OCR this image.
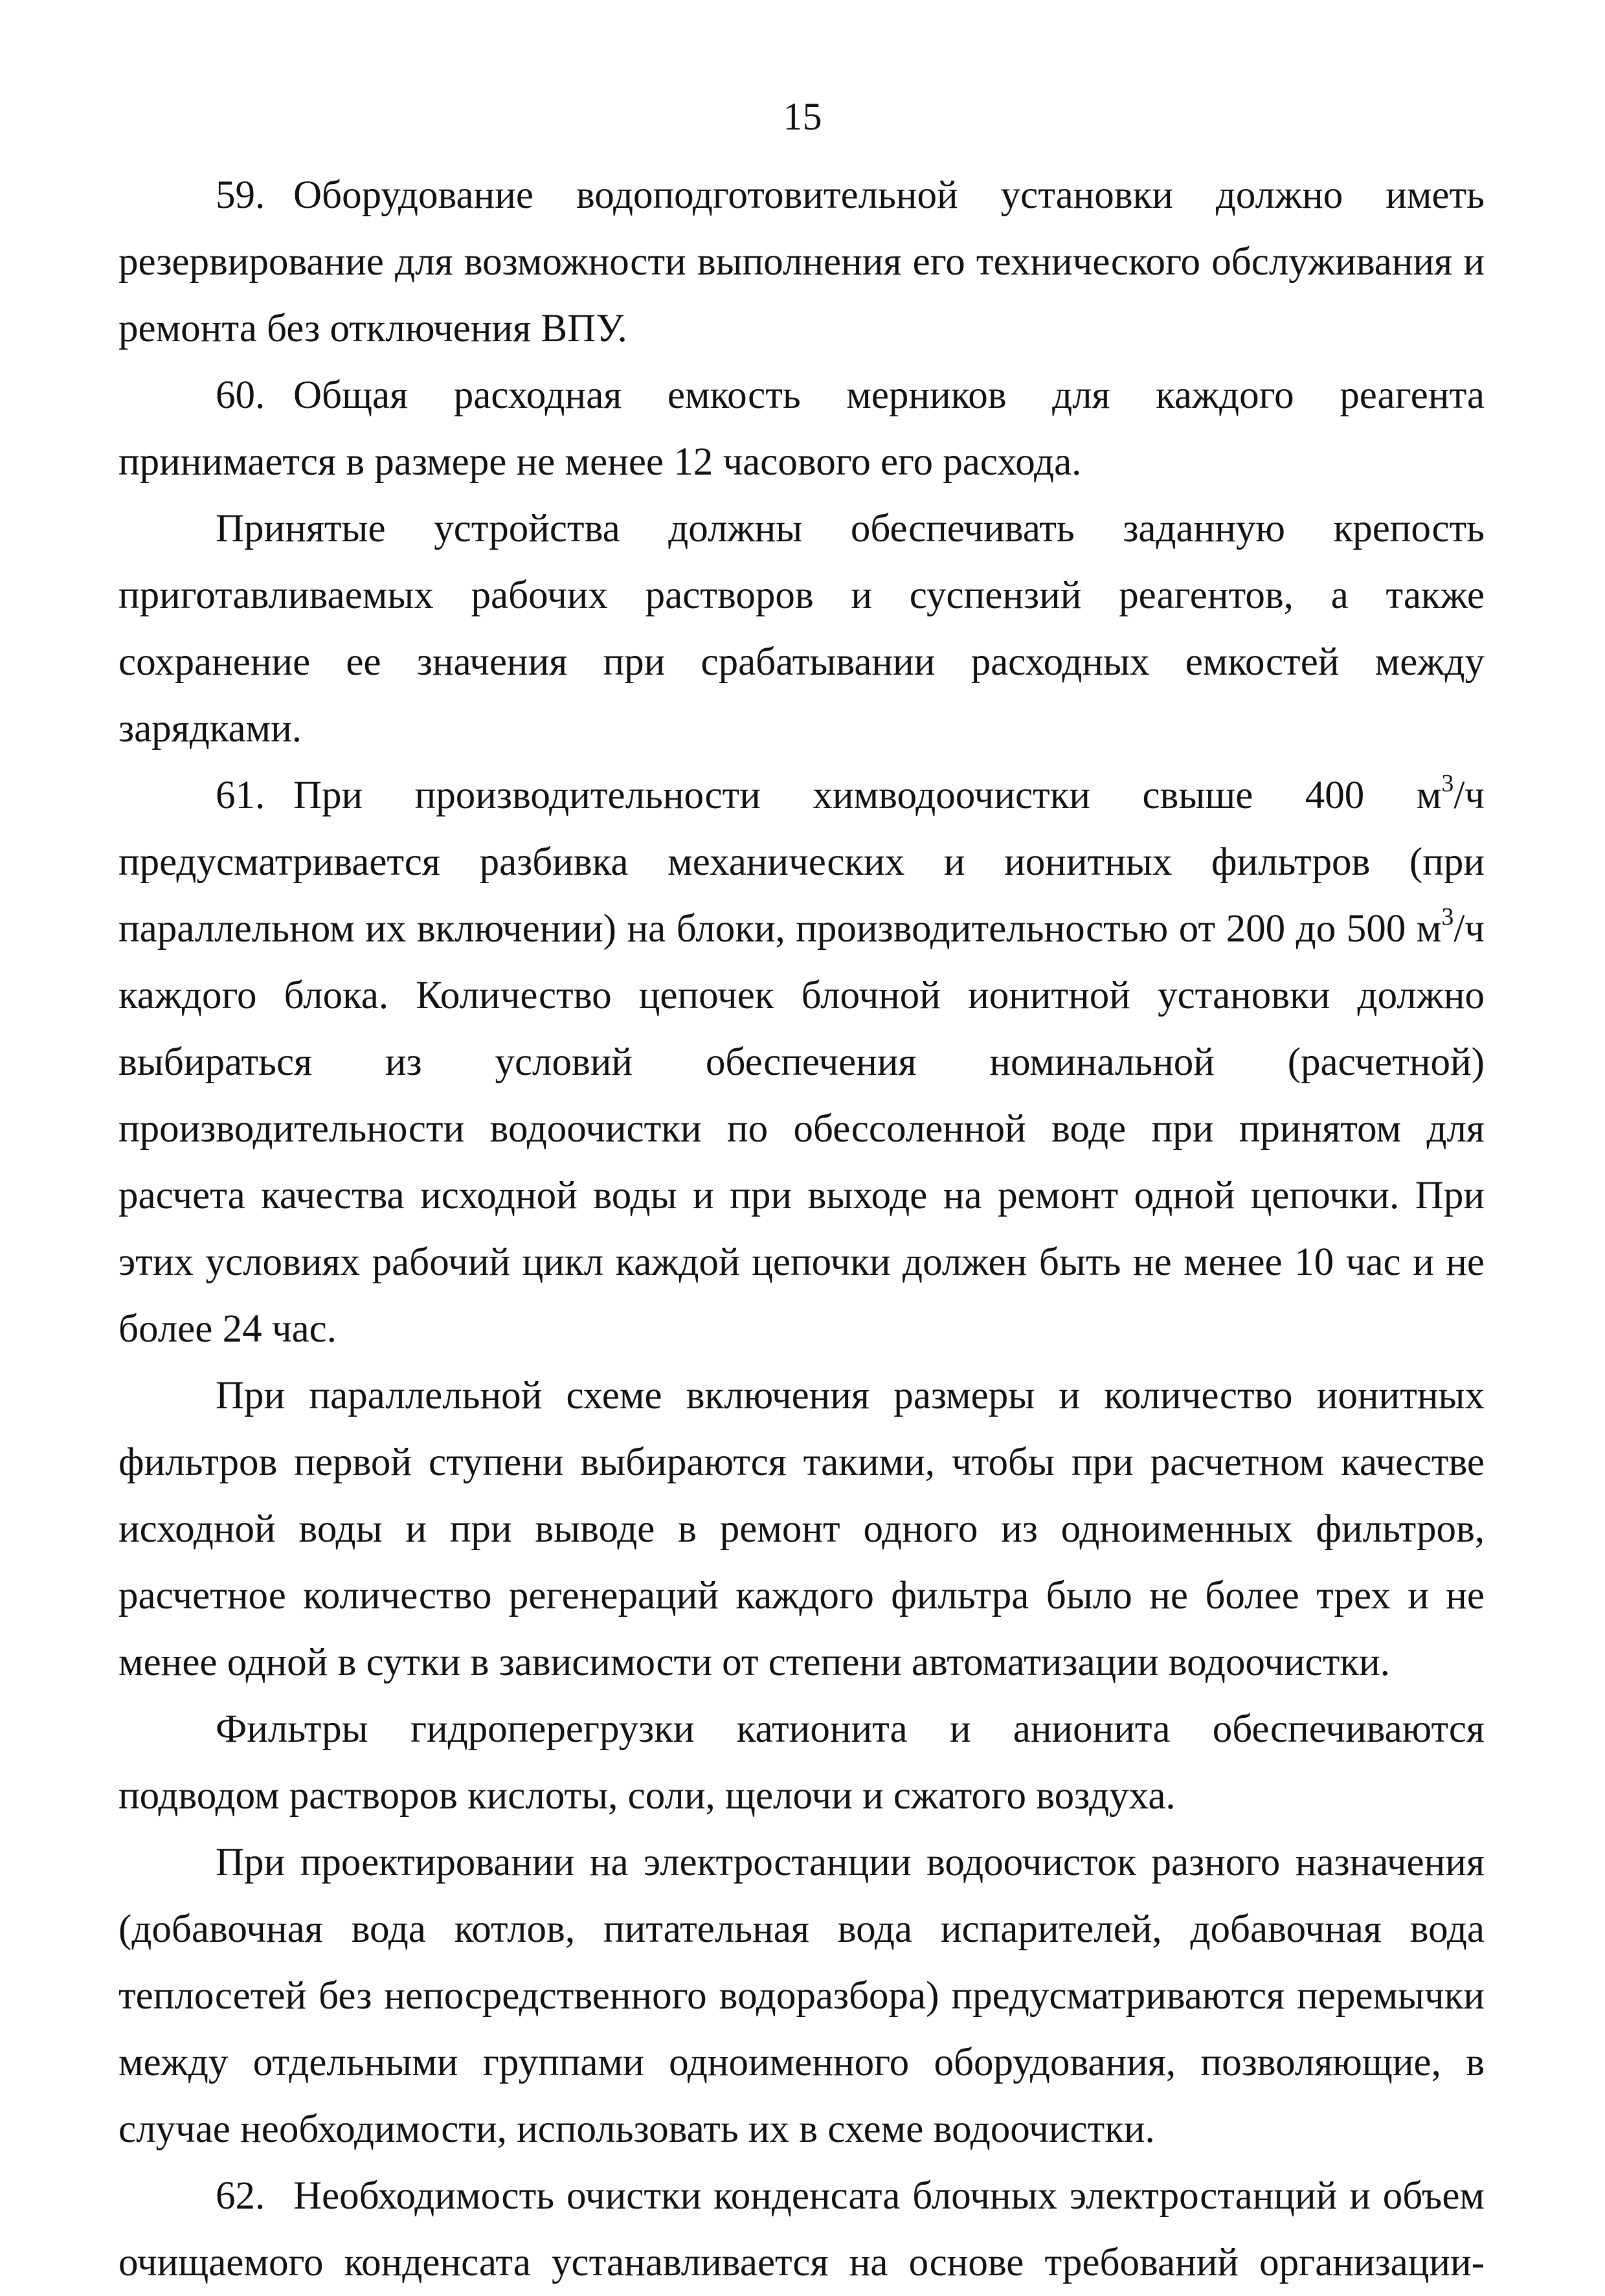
15

59. Оборудование водоподготовительной установки должно иметь резервирование для возможности выполнения его технического обслуживания и ремонта без отключения ВПУ.

60. Общая расходная емкость мерников для каждого реагента принимается в размере не менее 12 часового его расхода.

Принятые устройства должны обеспечивать заданную крепость приготавливаемых рабочих растворов и суспензий реагентов, а также сохранение ее значения при срабатывании расходных емкостей между зарядками.

61. При производительности химводоочистки свыше 400 $м^3/ч$ предусматривается разбивка механических и ионитных фильтров (при параллельном их включении) на блоки, производительностью от 200 до 500 $м^3/ч$ каждого блока. Количество цепочек блочной ионитной установки должно выбираться из условий обеспечения номинальной (расчетной) производительности водоочистки по обессоленной воде при принятом для расчета качества исходной воды и при выходе на ремонт одной цепочки. При этих условиях рабочий цикл каждой цепочки должен быть не менее 10 час и не более 24 час.

При параллельной схеме включения размеры и количество ионитных фильтров первой ступени выбираются такими, чтобы при расчетном качестве исходной воды и при выводе в ремонт одного из одноименных фильтров, расчетное количество регенераций каждого фильтра было не более трех и не менее одной в сутки в зависимости от степени автоматизации водоочистки.

Фильтры гидроперегрузки катионита и анионита обеспечиваются подводом растворов кислоты, соли, щелочи и сжатого воздуха.

При проектировании на электростанции водоочисток разного назначения (добавочная вода котлов, питательная вода испарителей, добавочная вода теплосетей без непосредственного водоразбора) предусматриваются перемычки между отдельными группами одноименного оборудования, позволяющие, в случае необходимости, использовать их в схеме водоочистки.

62. Необходимость очистки конденсата блочных электростанций и объем очищаемого конденсата устанавливается на основе требований организации-
